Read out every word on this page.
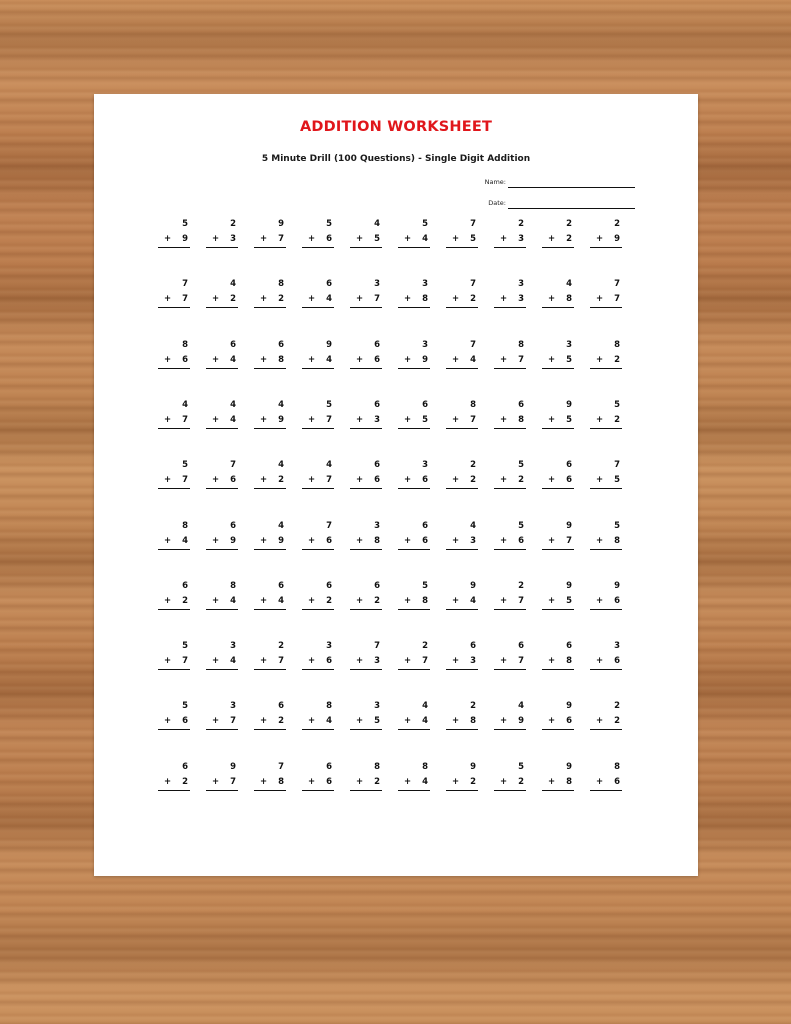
ADDITION WORKSHEET
5 Minute Drill (100 Questions) - Single Digit Addition
Name:
Date:
5
+ 9
2
+ 3
9
+ 7
5
+ 6
4
+ 5
5
+ 4
7
+ 5
2
+ 3
2
+ 2
2
+ 9
7
+ 7
4
+ 2
8
+ 2
6
+ 4
3
+ 7
3
+ 8
7
+ 2
3
+ 3
4
+ 8
7
+ 7
8
+ 6
6
+ 4
6
+ 8
9
+ 4
6
+ 6
3
+ 9
7
+ 4
8
+ 7
3
+ 5
8
+ 2
4
+ 7
4
+ 4
4
+ 9
5
+ 7
6
+ 3
6
+ 5
8
+ 7
6
+ 8
9
+ 5
5
+ 2
5
+ 7
7
+ 6
4
+ 2
4
+ 7
6
+ 6
3
+ 6
2
+ 2
5
+ 2
6
+ 6
7
+ 5
8
+ 4
6
+ 9
4
+ 9
7
+ 6
3
+ 8
6
+ 6
4
+ 3
5
+ 6
9
+ 7
5
+ 8
6
+ 2
8
+ 4
6
+ 4
6
+ 2
6
+ 2
5
+ 8
9
+ 4
2
+ 7
9
+ 5
9
+ 6
5
+ 7
3
+ 4
2
+ 7
3
+ 6
7
+ 3
2
+ 7
6
+ 3
6
+ 7
6
+ 8
3
+ 6
5
+ 6
3
+ 7
6
+ 2
8
+ 4
3
+ 5
4
+ 4
2
+ 8
4
+ 9
9
+ 6
2
+ 2
6
+ 2
9
+ 7
7
+ 8
6
+ 6
8
+ 2
8
+ 4
9
+ 2
5
+ 2
9
+ 8
8
+ 6
